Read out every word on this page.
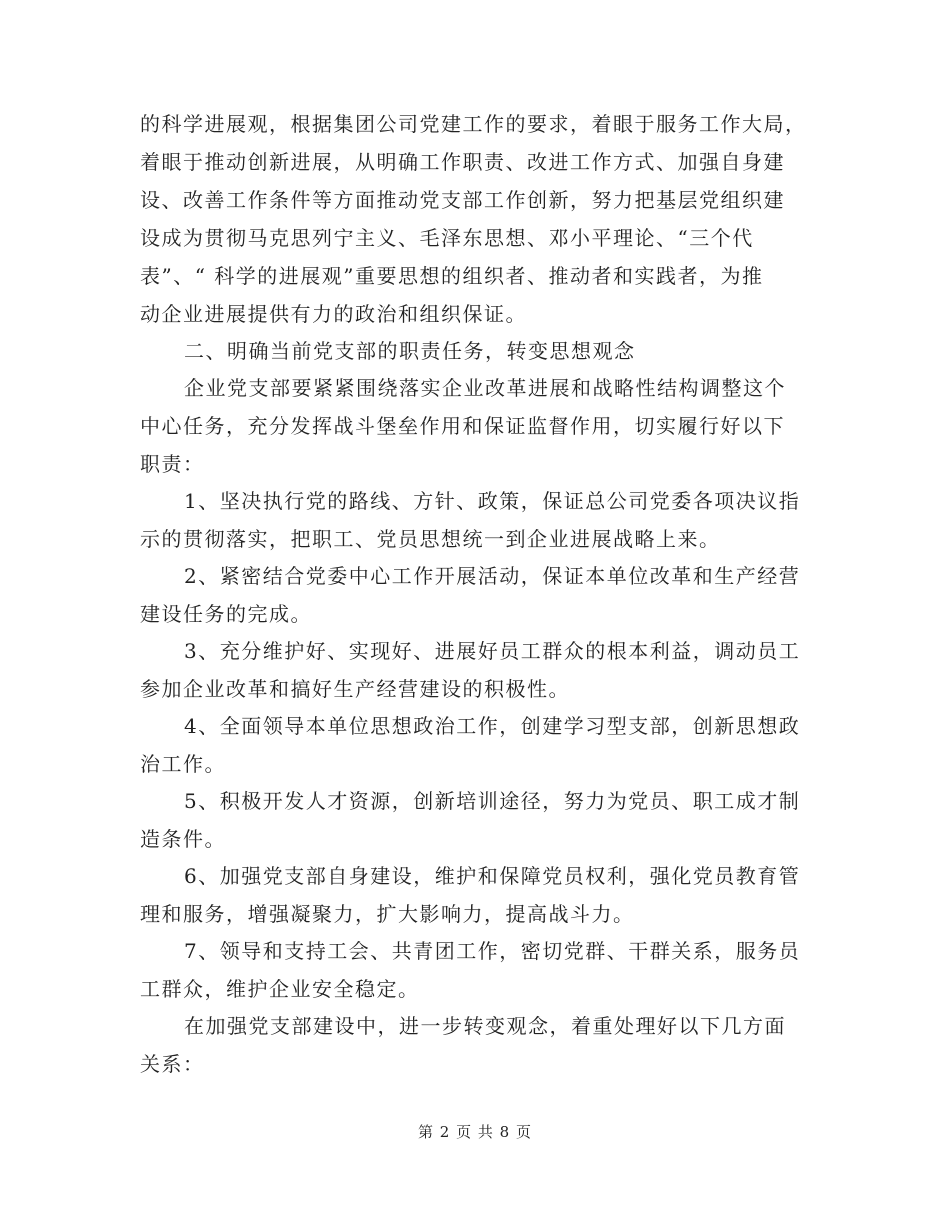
的科学进展观，根据集团公司党建工作的要求，着眼于服务工作大局，
着眼于推动创新进展，从明确工作职责、改进工作方式、加强自身建
设、改善工作条件等方面推动党支部工作创新，努力把基层党组织建
设成为贯彻马克思列宁主义、毛泽东思想、邓小平理论、“三个代
表”、“ 科学的进展观”重要思想的组织者、推动者和实践者，为推
动企业进展提供有力的政治和组织保证。
二、明确当前党支部的职责任务，转变思想观念
企业党支部要紧紧围绕落实企业改革进展和战略性结构调整这个
中心任务，充分发挥战斗堡垒作用和保证监督作用，切实履行好以下
职责：
1、坚决执行党的路线、方针、政策，保证总公司党委各项决议指
示的贯彻落实，把职工、党员思想统一到企业进展战略上来。
2、紧密结合党委中心工作开展活动，保证本单位改革和生产经营
建设任务的完成。
3、充分维护好、实现好、进展好员工群众的根本利益，调动员工
参加企业改革和搞好生产经营建设的积极性。
4、全面领导本单位思想政治工作，创建学习型支部，创新思想政
治工作。
5、积极开发人才资源，创新培训途径，努力为党员、职工成才制
造条件。
6、加强党支部自身建设，维护和保障党员权利，强化党员教育管
理和服务，增强凝聚力，扩大影响力，提高战斗力。
7、领导和支持工会、共青团工作，密切党群、干群关系，服务员
工群众，维护企业安全稳定。
在加强党支部建设中，进一步转变观念，着重处理好以下几方面
关系：
第 2 页 共 8 页
